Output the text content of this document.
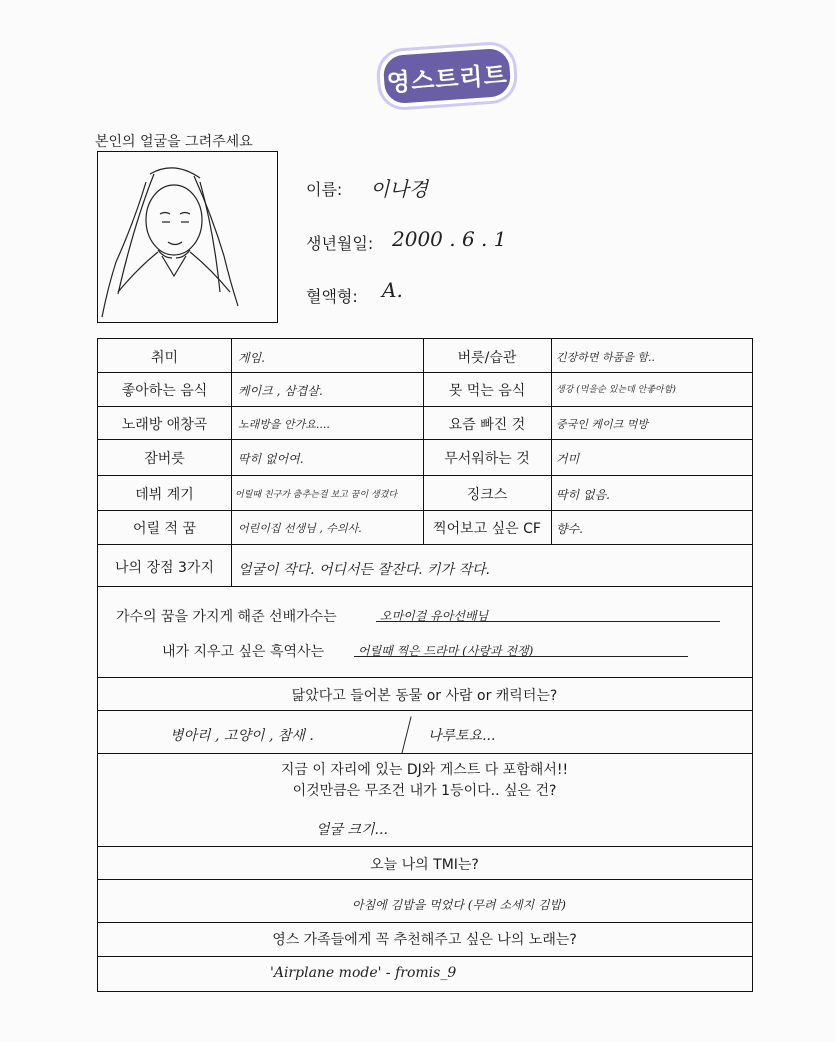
영스트리트
본인의 얼굴을 그려주세요
이름: 이나경
생년월일: 2000 . 6 . 1
혈액형: A.
취미	게임.	버릇/습관	긴장하면 하품을 함..
좋아하는 음식	케이크 , 삼겹살.	못 먹는 음식	생강 (먹을순 있는데 안좋아함)
노래방 애창곡	노래방을 안가요....	요즘 빠진 것	중국인 케이크 먹방
잠버릇	딱히 없어여.	무서워하는 것	거미
데뷔 계기	어릴때 친구가 춤추는걸 보고 꿈이 생겼다	징크스	딱히 없음.
어릴 적 꿈	어린이집 선생님 , 수의사.	찍어보고 싶은 CF	향수.
나의 장점 3가지	얼굴이 작다. 어디서든 잘잔다. 키가 작다.
가수의 꿈을 가지게 해준 선배가수는	오마이걸 유아선배님
내가 지우고 싶은 흑역사는	어릴때 찍은 드라마 (사랑과 전쟁)
닮았다고 들어본 동물 or 사람 or 캐릭터는?
병아리 , 고양이 , 참새 .	나루토요...
지금 이 자리에 있는 DJ와 게스트 다 포함해서!!
이것만큼은 무조건 내가 1등이다.. 싶은 건?
얼굴 크기...
오늘 나의 TMI는?
아침에 김밥을 먹었다 (무려 소세지 김밥)
영스 가족들에게 꼭 추천해주고 싶은 나의 노래는?
'Airplane mode' - fromis_9
